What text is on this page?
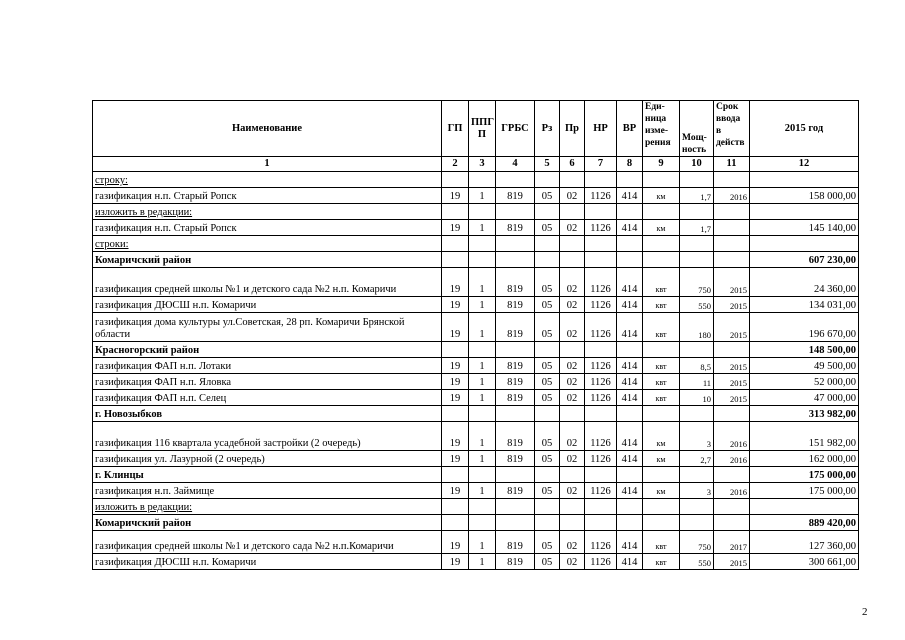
Наименование	ГП	ППГ П	ГРБС	Рз	Пр	НР	ВР	Еди- ница изме- рения	Мощ- ность	Срок ввода в действ	2015 год
1	2	3	4	5	6	7	8	9	10	11	12
строку:											
газификация н.п. Старый Ропск	19	1	819	05	02	1126	414	км	1,7	2016	158 000,00
изложить в редакции:											
газификация н.п. Старый Ропск	19	1	819	05	02	1126	414	км	1,7		145 140,00
строки:											
Комаричский район											607 230,00
газификация средней школы №1 и детского сада №2 н.п. Комаричи	19	1	819	05	02	1126	414	квт	750	2015	24 360,00
газификация ДЮСШ н.п. Комаричи	19	1	819	05	02	1126	414	квт	550	2015	134 031,00
газификация дома культуры ул.Советская, 28 рп. Комаричи Брянской области	19	1	819	05	02	1126	414	квт	180	2015	196 670,00
Красногорский район											148 500,00
газификация ФАП н.п. Лотаки	19	1	819	05	02	1126	414	квт	8,5	2015	49 500,00
газификация ФАП н.п. Яловка	19	1	819	05	02	1126	414	квт	11	2015	52 000,00
газификация ФАП н.п. Селец	19	1	819	05	02	1126	414	квт	10	2015	47 000,00
г. Новозыбков											313 982,00
газификация 116 квартала усадебной застройки (2 очередь)	19	1	819	05	02	1126	414	км	3	2016	151 982,00
газификация ул. Лазурной (2 очередь)	19	1	819	05	02	1126	414	км	2,7	2016	162 000,00
г. Клинцы											175 000,00
газификация н.п. Займище	19	1	819	05	02	1126	414	км	3	2016	175 000,00
изложить в редакции:											
Комаричский район											889 420,00
газификация средней школы №1 и детского сада №2 н.п.Комаричи	19	1	819	05	02	1126	414	квт	750	2017	127 360,00
газификация ДЮСШ н.п. Комаричи	19	1	819	05	02	1126	414	квт	550	2015	300 661,00
2
